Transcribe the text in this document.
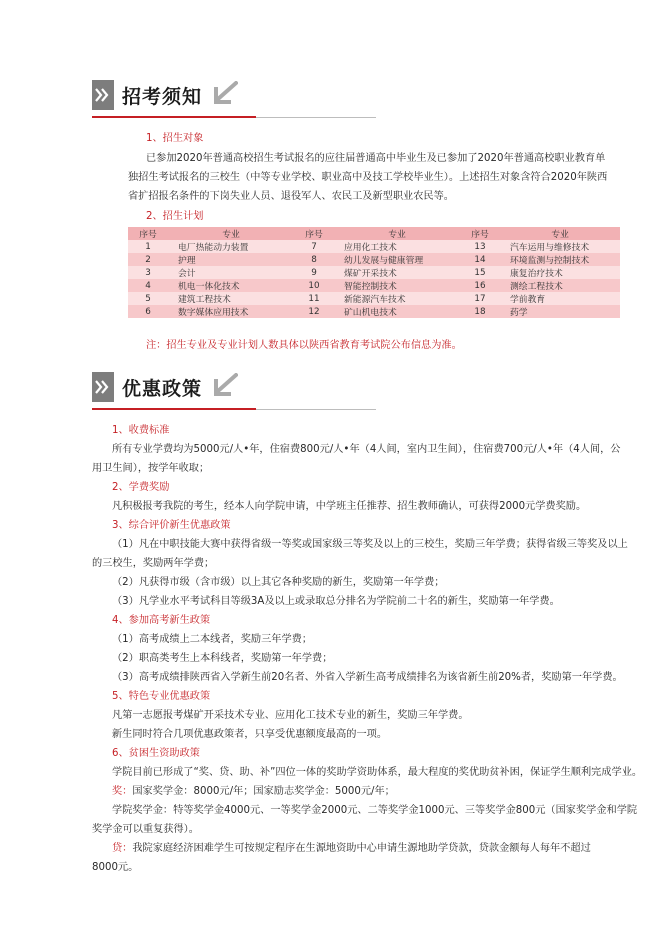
招考须知
1、招生对象
已参加2020年普通高校招生考试报名的应往届普通高中毕业生及已参加了2020年普通高校职业教育单
独招生考试报名的三校生（中等专业学校、职业高中及技工学校毕业生）。上述招生对象含符合2020年陕西
省扩招报名条件的下岗失业人员、退役军人、农民工及新型职业农民等。
2、招生计划
序号	专业	序号	专业	序号	专业
1	电厂热能动力装置	7	应用化工技术	13	汽车运用与维修技术
2	护理	8	幼儿发展与健康管理	14	环境监测与控制技术
3	会计	9	煤矿开采技术	15	康复治疗技术
4	机电一体化技术	10	智能控制技术	16	测绘工程技术
5	建筑工程技术	11	新能源汽车技术	17	学前教育
6	数字媒体应用技术	12	矿山机电技术	18	药学
注：招生专业及专业计划人数具体以陕西省教育考试院公布信息为准。
优惠政策
1、收费标准
所有专业学费均为5000元/人•年，住宿费800元/人•年（4人间，室内卫生间），住宿费700元/人•年（4人间，公
用卫生间），按学年收取；
2、学费奖励
凡积极报考我院的考生，经本人向学院申请，中学班主任推荐、招生教师确认，可获得2000元学费奖励。
3、综合评价新生优惠政策
（1）凡在中职技能大赛中获得省级一等奖或国家级三等奖及以上的三校生，奖励三年学费；获得省级三等奖及以上
的三校生，奖励两年学费；
（2）凡获得市级（含市级）以上其它各种奖励的新生，奖励第一年学费；
（3）凡学业水平考试科目等级3A及以上或录取总分排名为学院前二十名的新生，奖励第一年学费。
4、参加高考新生政策
（1）高考成绩上二本线者，奖励三年学费；
（2）职高类考生上本科线者，奖励第一年学费；
（3）高考成绩排陕西省入学新生前20名者、外省入学新生高考成绩排名为该省新生前20%者，奖励第一年学费。
5、特色专业优惠政策
凡第一志愿报考煤矿开采技术专业、应用化工技术专业的新生，奖励三年学费。
新生同时符合几项优惠政策者，只享受优惠额度最高的一项。
6、贫困生资助政策
学院目前已形成了“奖、贷、助、补”四位一体的奖助学资助体系，最大程度的奖优助贫补困，保证学生顺利完成学业。
奖：国家奖学金：8000元/年；国家励志奖学金：5000元/年；
学院奖学金：特等奖学金4000元、一等奖学金2000元、二等奖学金1000元、三等奖学金800元（国家奖学金和学院
奖学金可以重复获得）。
贷：我院家庭经济困难学生可按规定程序在生源地资助中心申请生源地助学贷款，贷款金额每人每年不超过
8000元。
